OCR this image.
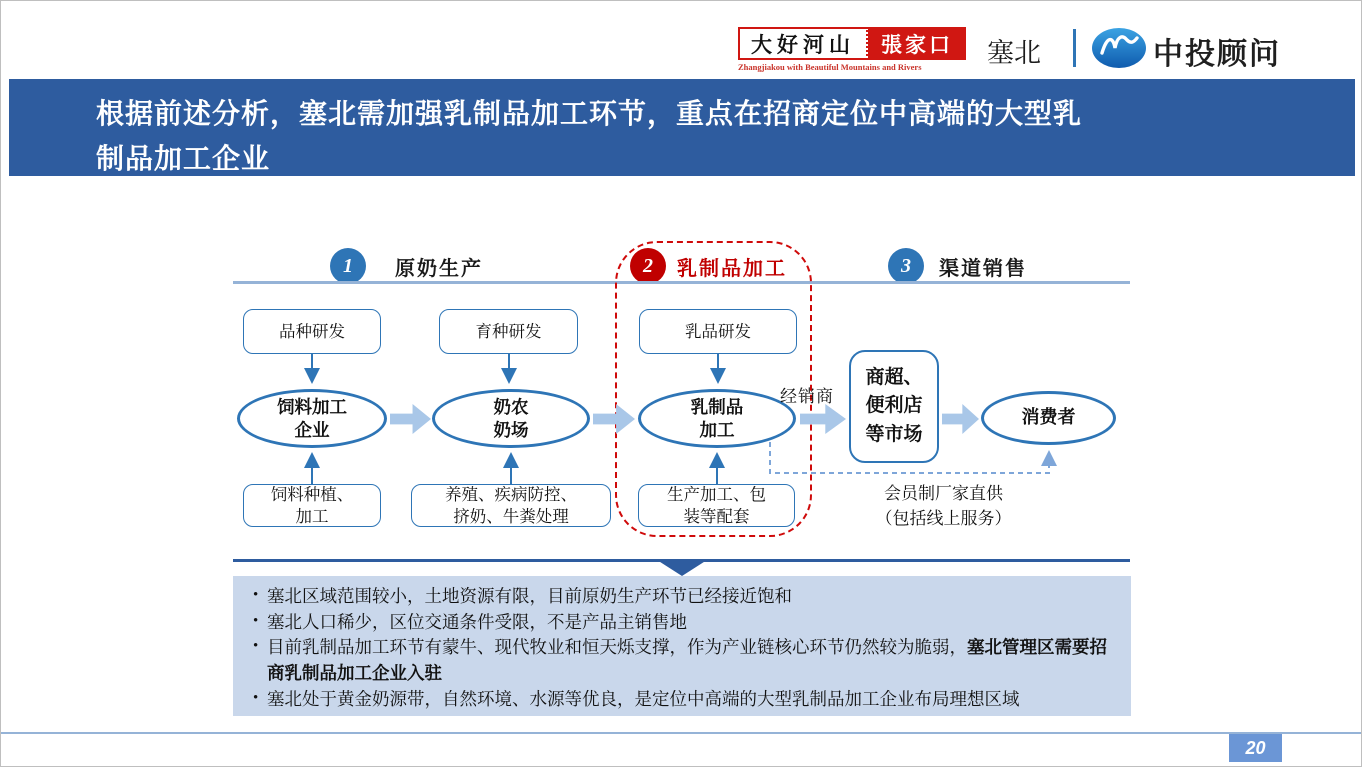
大好河山	張家口
Zhangjiakou with Beautiful Mountains and Rivers	塞北	中投顾问
根据前述分析，塞北需加强乳制品加工环节，重点在招商定位中高端的大型乳制品加工企业
1	原奶生产	2	乳制品加工	3	渠道销售
品种研发	育种研发	乳品研发
饲料加工
企业
奶农
奶场
乳制品
加工
饲料种植、
加工
养殖、疾病防控、
挤奶、牛粪处理
生产加工、包
装等配套
商超、
便利店
等市场
消费者
经销商
会员制厂家直供
（包括线上服务）
• 塞北区域范围较小，土地资源有限，目前原奶生产环节已经接近饱和
• 塞北人口稀少，区位交通条件受限，不是产品主销售地
• 目前乳制品加工环节有蒙牛、现代牧业和恒天烁支撑，作为产业链核心环节仍然较为脆弱，塞北管理区需要招商乳制品加工企业入驻
• 塞北处于黄金奶源带，自然环境、水源等优良，是定位中高端的大型乳制品加工企业布局理想区域
20
